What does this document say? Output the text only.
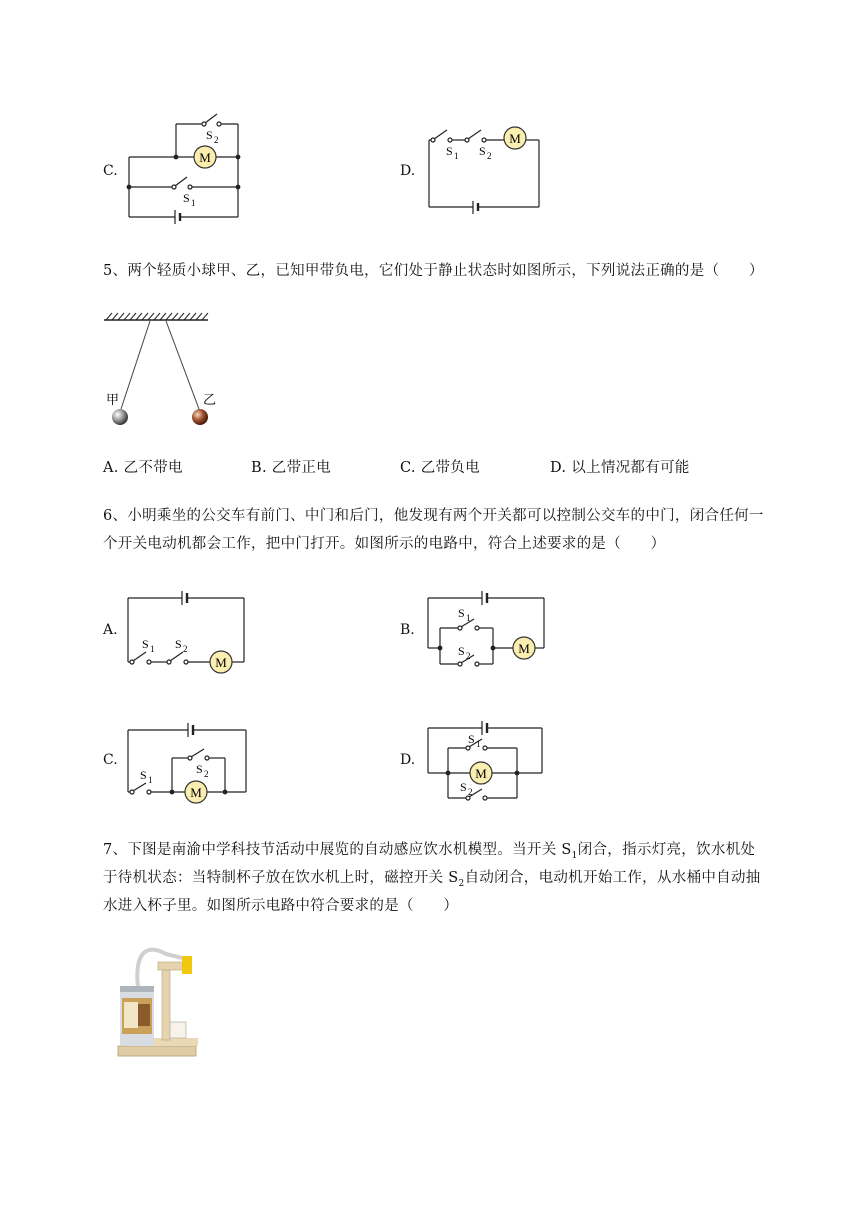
C.
M
S 2
S 1
D.
M
S 1 S 2
5、两个轻质小球甲、乙，已知甲带负电，它们处于静止状态时如图所示，下列说法正确的是（　　）
甲	乙
A. 乙不带电	B. 乙带正电	C. 乙带负电	D. 以上情况都有可能
6、小明乘坐的公交车有前门、中门和后门，他发现有两个开关都可以控制公交车的中门，闭合任何一
个开关电动机都会工作，把中门打开。如图所示的电路中，符合上述要求的是（　　）
A.
M
S 1 S 2
B.
M
S 1
S 2
C.
M
S 1
S 2
D.
M
S 1
S 2
7、下图是南渝中学科技节活动中展览的自动感应饮水机模型。当开关 $S_1$闭合，指示灯亮，饮水机处
于待机状态：当特制杯子放在饮水机上时，磁控开关 $S_2$自动闭合，电动机开始工作，从水桶中自动抽
水进入杯子里。如图所示电路中符合要求的是（　　）
